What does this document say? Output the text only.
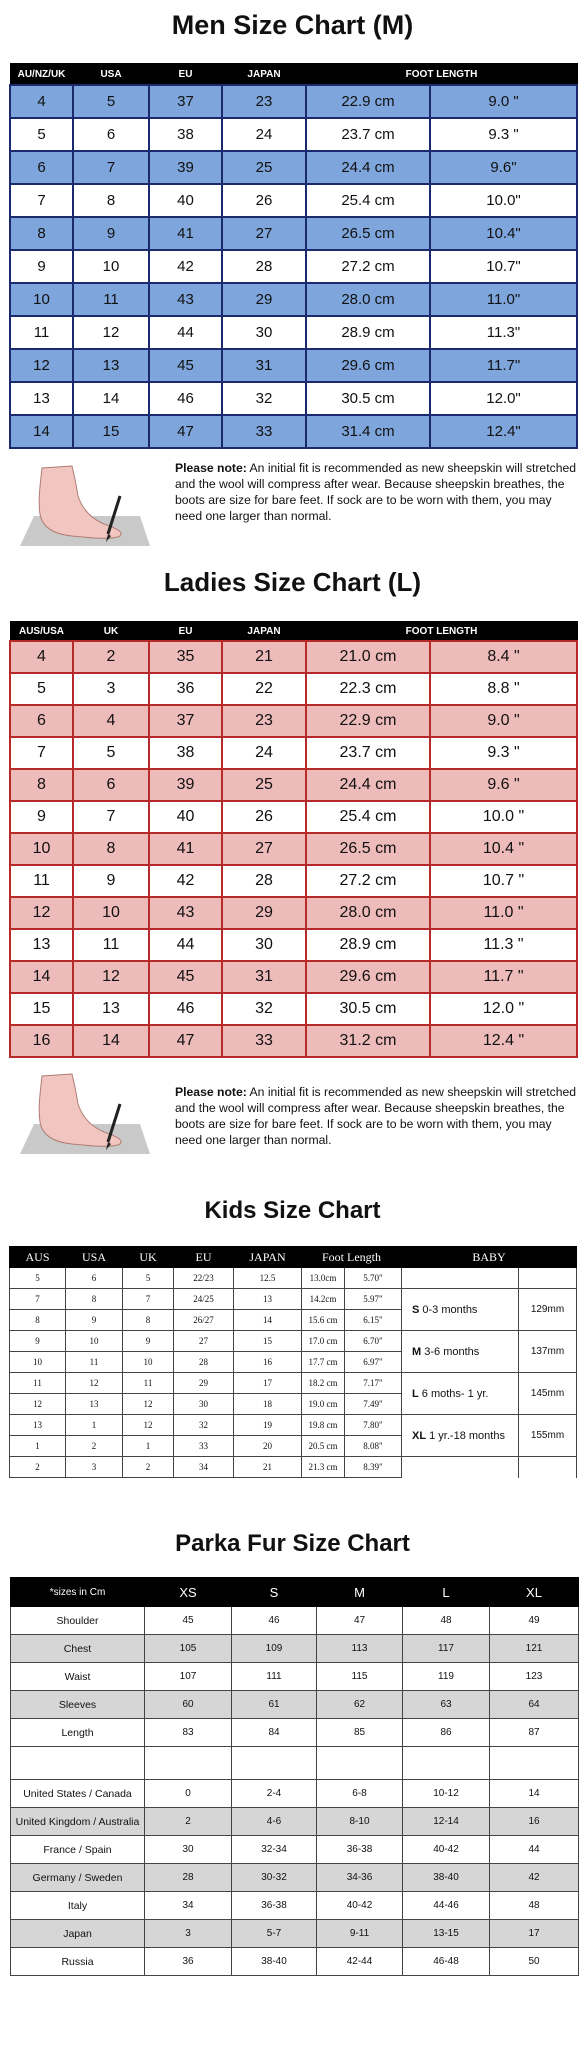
Men Size Chart (M)
AU/NZ/UK	USA	EU	JAPAN	FOOT LENGTH	
4	5	37	23	22.9 cm	9.0 "
5	6	38	24	23.7 cm	9.3 "
6	7	39	25	24.4 cm	9.6"
7	8	40	26	25.4 cm	10.0"
8	9	41	27	26.5 cm	10.4"
9	10	42	28	27.2 cm	10.7"
10	11	43	29	28.0 cm	11.0"
11	12	44	30	28.9 cm	11.3"
12	13	45	31	29.6 cm	11.7"
13	14	46	32	30.5 cm	12.0"
14	15	47	33	31.4 cm	12.4"
Please note: An initial fit is recommended as new sheepskin will stretched and the wool will compress after wear. Because sheepskin breathes, the boots are size for bare feet. If sock are to be worn with them, you may need one larger than normal.
Ladies Size Chart (L)
AUS/USA	UK	EU	JAPAN	FOOT LENGTH	
4	2	35	21	21.0 cm	8.4 "
5	3	36	22	22.3 cm	8.8 "
6	4	37	23	22.9 cm	9.0 "
7	5	38	24	23.7 cm	9.3 "
8	6	39	25	24.4 cm	9.6 "
9	7	40	26	25.4 cm	10.0 "
10	8	41	27	26.5 cm	10.4 "
11	9	42	28	27.2 cm	10.7 "
12	10	43	29	28.0 cm	11.0 "
13	11	44	30	28.9 cm	11.3 "
14	12	45	31	29.6 cm	11.7 "
15	13	46	32	30.5 cm	12.0 "
16	14	47	33	31.2 cm	12.4 "
Please note: An initial fit is recommended as new sheepskin will stretched and the wool will compress after wear. Because sheepskin breathes, the boots are size for bare feet. If sock are to be worn with them, you may need one larger than normal.
Kids Size Chart
AUS	USA	UK	EU	JAPAN	Foot Length		BABY	
5	6	5	22/23	12.5	13.0cm	5.70"		
7	8	7	24/25	13	14.2cm	5.97"	S 0-3 months	129mm
8	9	8	26/27	14	15.6 cm	6.15"		
9	10	9	27	15	17.0 cm	6.70"	M 3-6 months	137mm
10	11	10	28	16	17.7 cm	6.97"		
11	12	11	29	17	18.2 cm	7.17"	L 6 moths- 1 yr.	145mm
12	13	12	30	18	19.0 cm	7.49"		
13	1	12	32	19	19.8 cm	7.80"	XL 1 yr.-18 months	155mm
1	2	1	33	20	20.5 cm	8.08"		
2	3	2	34	21	21.3 cm	8.39"		
Parka Fur Size Chart
*sizes in Cm	XS	S	M	L	XL
Shoulder	45	46	47	48	49
Chest	105	109	113	117	121
Waist	107	111	115	119	123
Sleeves	60	61	62	63	64
Length	83	84	85	86	87

United States / Canada	0	2-4	6-8	10-12	14
United Kingdom / Australia	2	4-6	8-10	12-14	16
France / Spain	30	32-34	36-38	40-42	44
Germany / Sweden	28	30-32	34-36	38-40	42
Italy	34	36-38	40-42	44-46	48
Japan	3	5-7	9-11	13-15	17
Russia	36	38-40	42-44	46-48	50
